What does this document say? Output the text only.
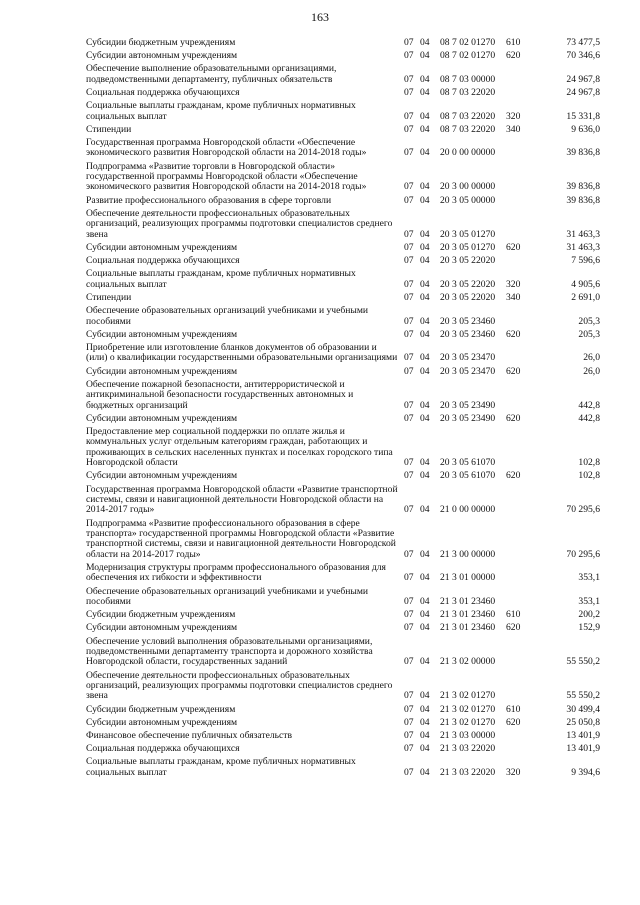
163
Субсидии бюджетным учреждениям	07 04 08 7 02 01270 610	73 477,5
Субсидии автономным учреждениям	07 04 08 7 02 01270 620	70 346,6
Обеспечение выполнение образовательными организациями, подведомственными департаменту, публичных обязательств	07 04 08 7 03 00000	24 967,8
Социальная поддержка обучающихся	07 04 08 7 03 22020	24 967,8
Социальные выплаты гражданам, кроме публичных нормативных социальных выплат	07 04 08 7 03 22020 320	15 331,8
Стипендии	07 04 08 7 03 22020 340	9 636,0
Государственная программа Новгородской области «Обеспечение экономического развития Новгородской области на 2014-2018 годы»	07 04 20 0 00 00000	39 836,8
Подпрограмма «Развитие торговли в Новгородской области» государственной программы Новгородской области «Обеспечение экономического развития Новгородской области на 2014-2018 годы»	07 04 20 3 00 00000	39 836,8
Развитие профессионального образования в сфере торговли	07 04 20 3 05 00000	39 836,8
Обеспечение деятельности профессиональных образовательных организаций, реализующих программы подготовки специалистов среднего звена	07 04 20 3 05 01270	31 463,3
Субсидии автономным учреждениям	07 04 20 3 05 01270 620	31 463,3
Социальная поддержка обучающихся	07 04 20 3 05 22020	7 596,6
Социальные выплаты гражданам, кроме публичных нормативных социальных выплат	07 04 20 3 05 22020 320	4 905,6
Стипендии	07 04 20 3 05 22020 340	2 691,0
Обеспечение образовательных организаций учебниками и учебными пособиями	07 04 20 3 05 23460	205,3
Субсидии автономным учреждениям	07 04 20 3 05 23460 620	205,3
Приобретение или изготовление бланков документов об образовании и (или) о квалификации государственными образовательными организациями 07 04 20 3 05 23470	26,0
Субсидии автономным учреждениям	07 04 20 3 05 23470 620	26,0
Обеспечение пожарной безопасности, антитеррористической и антикриминальной безопасности государственных автономных и бюджетных организаций	07 04 20 3 05 23490	442,8
Субсидии автономным учреждениям	07 04 20 3 05 23490 620	442,8
Предоставление мер социальной поддержки по оплате жилья и коммунальных услуг отдельным категориям граждан, работающих и проживающих в сельских населенных пунктах и поселках городского типа Новгородской области	07 04 20 3 05 61070	102,8
Субсидии автономным учреждениям	07 04 20 3 05 61070 620	102,8
Государственная программа Новгородской области «Развитие транспортной системы, связи и навигационной деятельности Новгородской области на 2014-2017 годы»	07 04 21 0 00 00000	70 295,6
Подпрограмма «Развитие профессионального образования в сфере транспорта» государственной программы Новгородской области «Развитие транспортной системы, связи и навигационной деятельности Новгородской области на 2014-2017 годы»	07 04 21 3 00 00000	70 295,6
Модернизация структуры программ профессионального образования для обеспечения их гибкости и эффективности	07 04 21 3 01 00000	353,1
Обеспечение образовательных организаций учебниками и учебными пособиями	07 04 21 3 01 23460	353,1
Субсидии бюджетным учреждениям	07 04 21 3 01 23460 610	200,2
Субсидии автономным учреждениям	07 04 21 3 01 23460 620	152,9
Обеспечение условий выполнения образовательными организациями, подведомственными департаменту транспорта и дорожного хозяйства Новгородской области, государственных заданий	07 04 21 3 02 00000	55 550,2
Обеспечение деятельности профессиональных образовательных организаций, реализующих программы подготовки специалистов среднего звена	07 04 21 3 02 01270	55 550,2
Субсидии бюджетным учреждениям	07 04 21 3 02 01270 610	30 499,4
Субсидии автономным учреждениям	07 04 21 3 02 01270 620	25 050,8
Финансовое обеспечение публичных обязательств	07 04 21 3 03 00000	13 401,9
Социальная поддержка обучающихся	07 04 21 3 03 22020	13 401,9
Социальные выплаты гражданам, кроме публичных нормативных социальных выплат	07 04 21 3 03 22020 320	9 394,6
